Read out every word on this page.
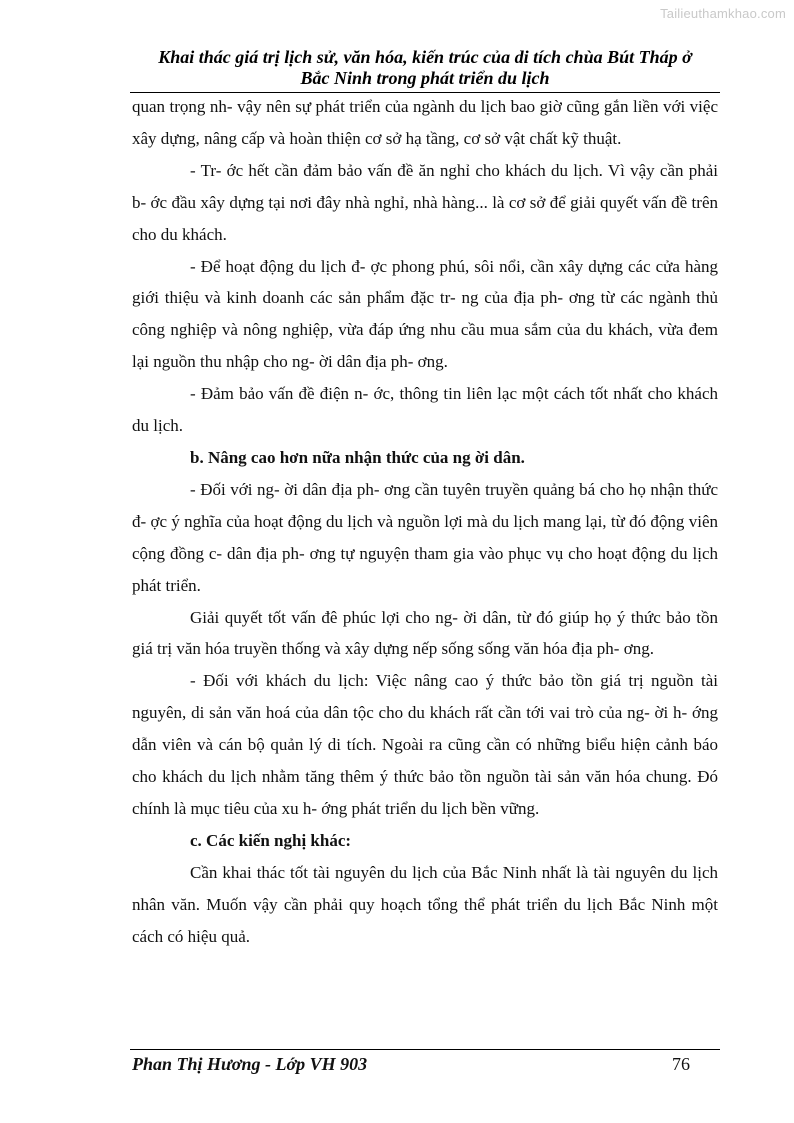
Tailieuthamkhao.com
Khai thác giá trị lịch sử, văn hóa, kiến trúc của di tích chùa Bút Tháp ở
Bắc Ninh trong phát triển du lịch

quan trọng nh- vậy nên sự phát triển của ngành du lịch bao giờ cũng gắn liền với việc xây dựng, nâng cấp và hoàn thiện cơ sở hạ tầng, cơ sở vật chất kỹ thuật.

- Tr- ớc hết cần đảm bảo vấn đề ăn nghỉ cho khách du lịch. Vì vậy cần phải b- ớc đầu xây dựng tại nơi đây nhà nghỉ, nhà hàng... là cơ sở để giải quyết vấn đề trên cho du khách.

- Để hoạt động du lịch đ- ợc phong phú, sôi nổi, cần xây dựng các cửa hàng giới thiệu và kinh doanh các sản phẩm đặc tr- ng của địa ph- ơng từ các ngành thủ công nghiệp và nông nghiệp, vừa đáp ứng nhu cầu mua sắm của du khách, vừa đem lại nguồn thu nhập cho ng- ời dân địa ph- ơng.

- Đảm bảo vấn đề điện n- ớc, thông tin liên lạc một cách tốt nhất cho khách du lịch.

b. Nâng cao hơn nữa nhận thức của ng ời dân.

- Đối với ng- ời dân địa ph- ơng cần tuyên truyền quảng bá cho họ nhận thức đ- ợc ý nghĩa của hoạt động du lịch và nguồn lợi mà du lịch mang lại, từ đó động viên cộng đồng c- dân địa ph- ơng tự nguyện tham gia vào phục vụ cho hoạt động du lịch phát triển.

Giải quyết tốt vấn đê phúc lợi cho ng- ời dân, từ đó giúp họ ý thức bảo tồn giá trị văn hóa truyền thống và xây dựng nếp sống sống văn hóa địa ph- ơng.

- Đối với khách du lịch: Việc nâng cao ý thức bảo tồn giá trị nguồn tài nguyên, di sản văn hoá của dân tộc cho du khách rất cần tới vai trò của ng- ời h- ớng dẫn viên và cán bộ quản lý di tích. Ngoài ra cũng cần có những biểu hiện cảnh báo cho khách du lịch nhằm tăng thêm ý thức bảo tồn nguồn tài sản văn hóa chung. Đó chính là mục tiêu của xu h- ớng phát triển du lịch bền vững.

c. Các kiến nghị khác:

Cần khai thác tốt tài nguyên du lịch của Bắc Ninh nhất là tài nguyên du lịch nhân văn. Muốn vậy cần phải quy hoạch tổng thể phát triển du lịch Bắc Ninh một cách có hiệu quả.

Phan Thị Hương - Lớp VH 903	76
